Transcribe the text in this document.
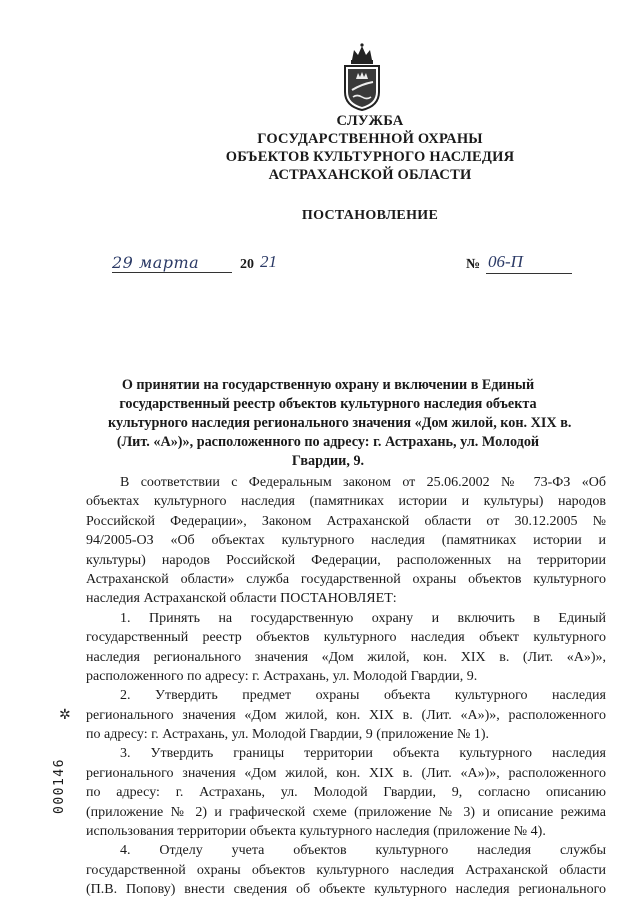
СЛУЖБА
ГОСУДАРСТВЕННОЙ ОХРАНЫ
ОБЪЕКТОВ КУЛЬТУРНОГО НАСЛЕДИЯ
АСТРАХАНСКОЙ ОБЛАСТИ
ПОСТАНОВЛЕНИЕ
29 марта	20 21	№ 06-П
О принятии на государственную охрану и включении в Единый
государственный реестр объектов культурного наследия объекта
культурного наследия регионального значения «Дом жилой, кон. XIX в.
(Лит. «А»)», расположенного по адресу: г. Астрахань, ул. Молодой
Гвардии, 9.
В соответствии с Федеральным законом от 25.06.2002 № 73-ФЗ «Об
объектах культурного наследия (памятниках истории и культуры) народов
Российской Федерации», Законом Астраханской области от 30.12.2005 №
94/2005-ОЗ «Об объектах культурного наследия (памятниках истории и
культуры) народов Российской Федерации, расположенных на территории
Астраханской области» служба государственной охраны объектов культурного
наследия Астраханской области ПОСТАНОВЛЯЕТ:
1. Принять на государственную охрану и включить в Единый
государственный реестр объектов культурного наследия объект культурного
наследия регионального значения «Дом жилой, кон. XIX в. (Лит. «А»)»,
расположенного по адресу: г. Астрахань, ул. Молодой Гвардии, 9.
2. Утвердить предмет охраны объекта культурного наследия
регионального значения «Дом жилой, кон. XIX в. (Лит. «А»)», расположенного
по адресу: г. Астрахань, ул. Молодой Гвардии, 9 (приложение № 1).
3. Утвердить границы территории объекта культурного наследия
регионального значения «Дом жилой, кон. XIX в. (Лит. «А»)», расположенного
по адресу: г. Астрахань, ул. Молодой Гвардии, 9, согласно описанию
(приложение № 2) и графической схеме (приложение № 3) и описание режима
использования территории объекта культурного наследия (приложение № 4).
4. Отделу учета объектов культурного наследия службы
государственной охраны объектов культурного наследия Астраханской области
(П.В. Попову) внести сведения об объекте культурного наследия регионального
✲
000146
